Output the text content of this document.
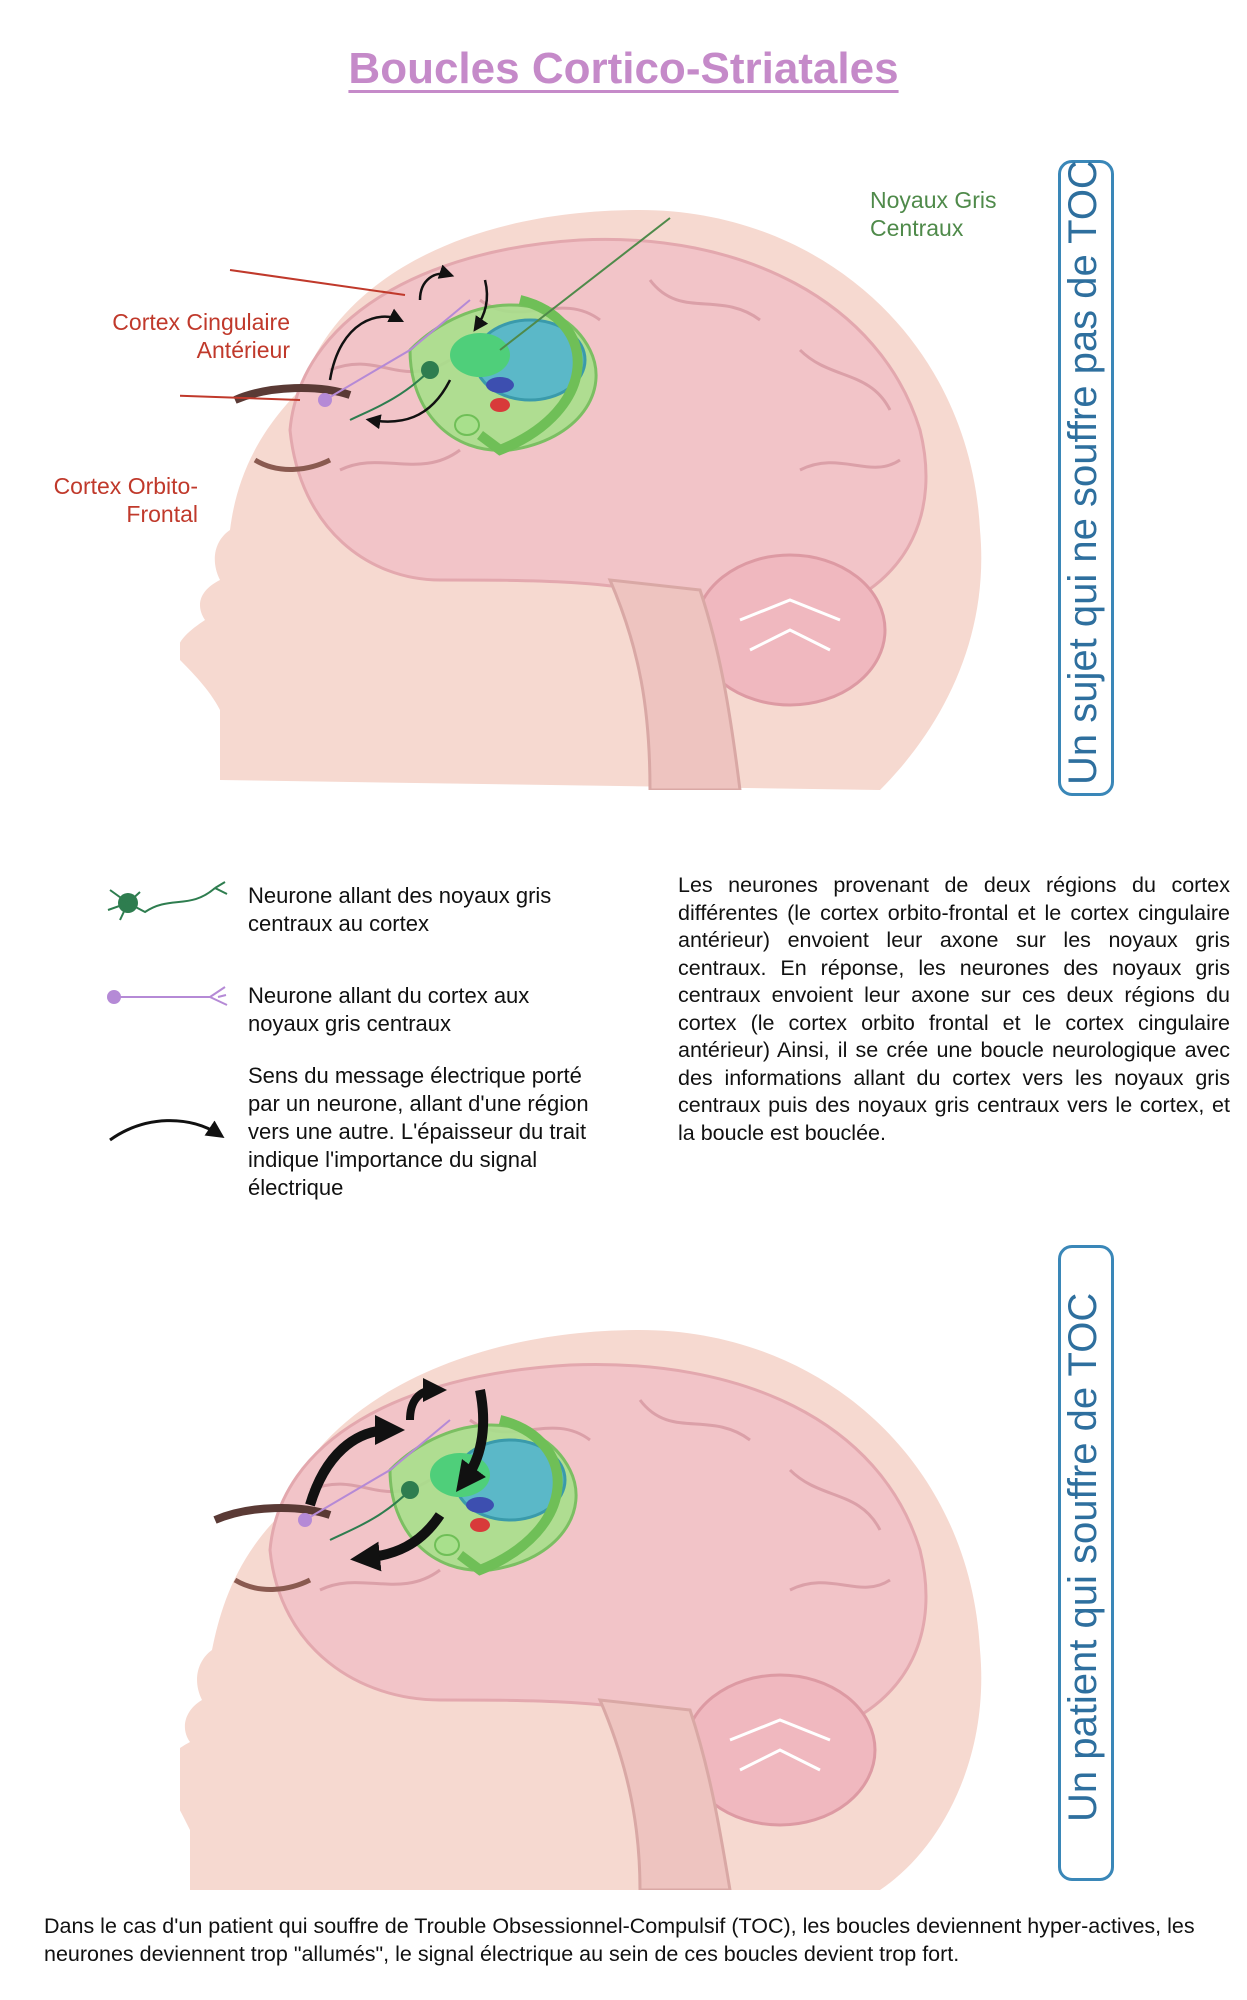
Boucles Cortico-Striatales
Noyaux Gris
Centraux
Cortex Cingulaire
Antérieur
Cortex Orbito-
Frontal	Un sujet qui ne souffre pas de TOC
Neurone allant des noyaux gris centraux au cortex
Neurone allant du cortex aux noyaux gris centraux
Sens du message électrique porté par un neurone, allant d'une région vers une autre. L'épaisseur du trait indique l'importance du signal électrique
Les neurones provenant de deux régions du cortex différentes (le cortex orbito-frontal et le cortex cingulaire antérieur) envoient leur axone sur les noyaux gris centraux. En réponse, les neurones des noyaux gris centraux envoient leur axone sur ces deux régions du cortex (le cortex orbito frontal et le cortex cingulaire antérieur) Ainsi, il se crée une boucle neurologique avec des informations allant du cortex vers les noyaux gris centraux puis des noyaux gris centraux vers le cortex, et la boucle est bouclée.
Un patient qui souffre de TOC
Dans le cas d'un patient qui souffre de Trouble Obsessionnel-Compulsif (TOC), les boucles deviennent hyper-actives, les neurones deviennent trop "allumés", le signal électrique au sein de ces boucles devient trop fort.
